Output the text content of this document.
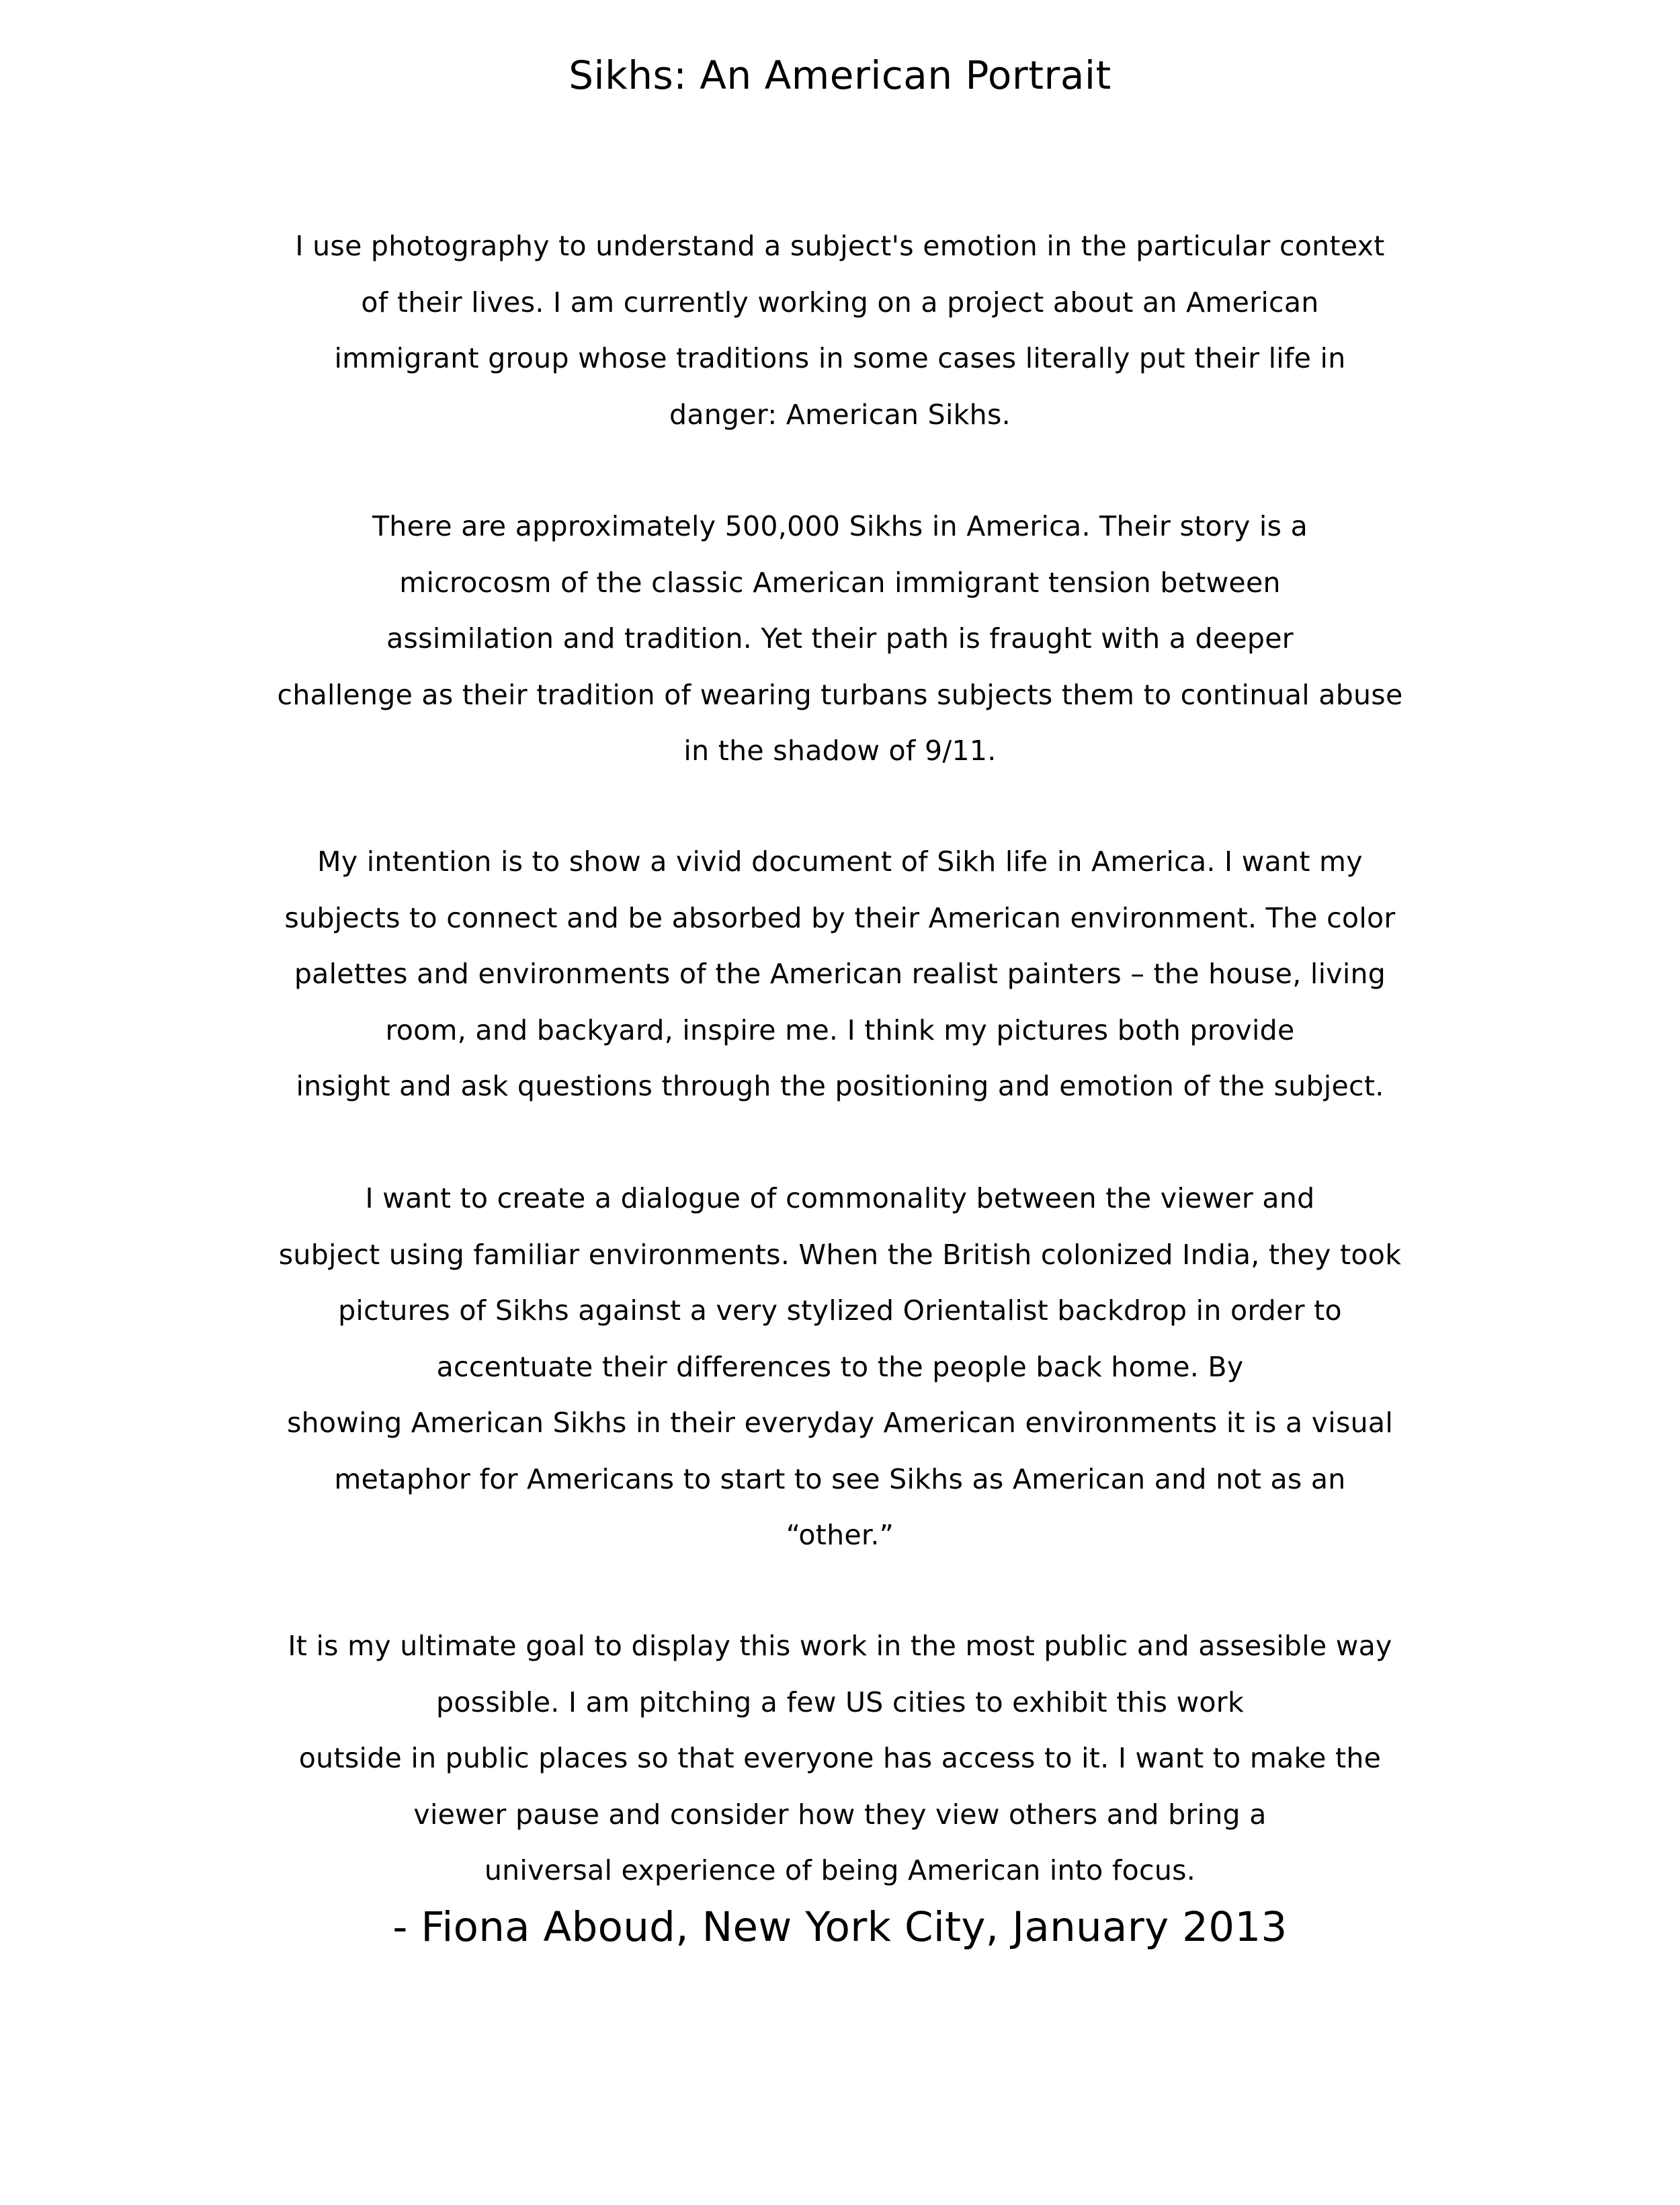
Sikhs: An American Portrait

I use photography to understand a subject's emotion in the particular context
of their lives. I am currently working on a project about an American
immigrant group whose traditions in some cases literally put their life in
danger: American Sikhs.

There are approximately 500,000 Sikhs in America. Their story is a
microcosm of the classic American immigrant tension between
assimilation and tradition. Yet their path is fraught with a deeper
challenge as their tradition of wearing turbans subjects them to continual abuse
in the shadow of 9/11.

My intention is to show a vivid document of Sikh life in America. I want my
subjects to connect and be absorbed by their American environment. The color
palettes and environments of the American realist painters – the house, living
room, and backyard, inspire me. I think my pictures both provide
insight and ask questions through the positioning and emotion of the subject.

I want to create a dialogue of commonality between the viewer and
subject using familiar environments. When the British colonized India, they took
pictures of Sikhs against a very stylized Orientalist backdrop in order to
accentuate their differences to the people back home. By
showing American Sikhs in their everyday American environments it is a visual
metaphor for Americans to start to see Sikhs as American and not as an
“other.”

It is my ultimate goal to display this work in the most public and assesible way
possible. I am pitching a few US cities to exhibit this work
outside in public places so that everyone has access to it. I want to make the
viewer pause and consider how they view others and bring a
universal experience of being American into focus.

- Fiona Aboud, New York City, January 2013
